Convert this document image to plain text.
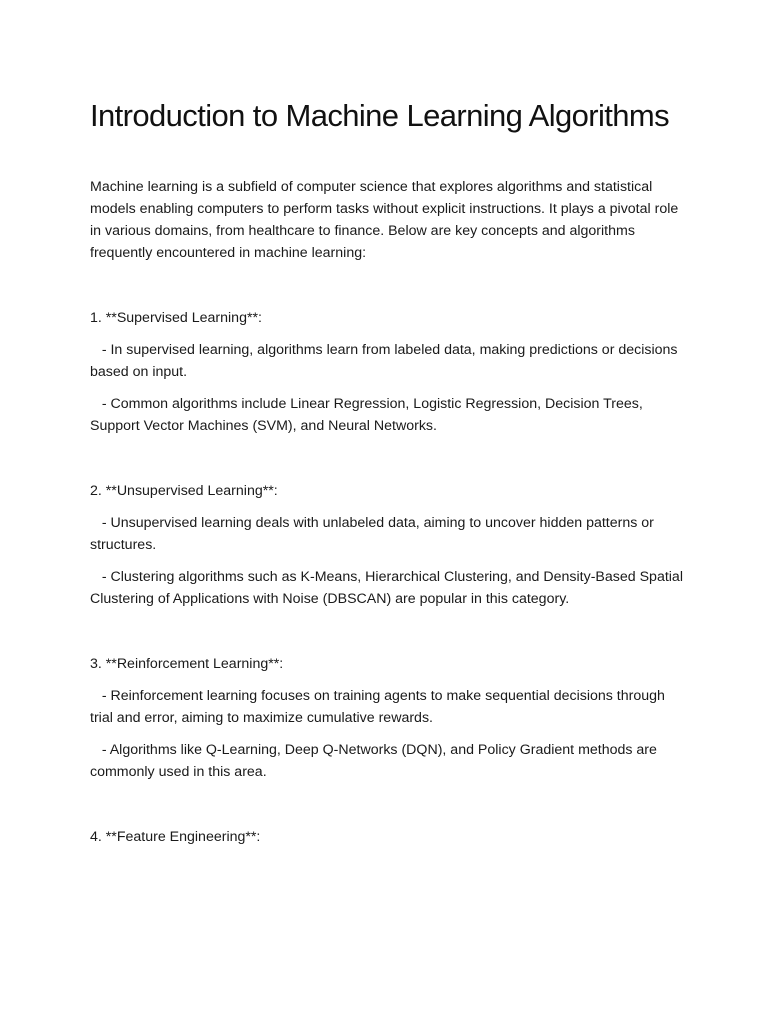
Introduction to Machine Learning Algorithms

Machine learning is a subfield of computer science that explores algorithms and statistical models enabling computers to perform tasks without explicit instructions. It plays a pivotal role in various domains, from healthcare to finance. Below are key concepts and algorithms frequently encountered in machine learning:

1. **Supervised Learning**:

- In supervised learning, algorithms learn from labeled data, making predictions or decisions based on input.

- Common algorithms include Linear Regression, Logistic Regression, Decision Trees, Support Vector Machines (SVM), and Neural Networks.

2. **Unsupervised Learning**:

- Unsupervised learning deals with unlabeled data, aiming to uncover hidden patterns or structures.

- Clustering algorithms such as K-Means, Hierarchical Clustering, and Density-Based Spatial Clustering of Applications with Noise (DBSCAN) are popular in this category.

3. **Reinforcement Learning**:

- Reinforcement learning focuses on training agents to make sequential decisions through trial and error, aiming to maximize cumulative rewards.

- Algorithms like Q-Learning, Deep Q-Networks (DQN), and Policy Gradient methods are commonly used in this area.

4. **Feature Engineering**:
